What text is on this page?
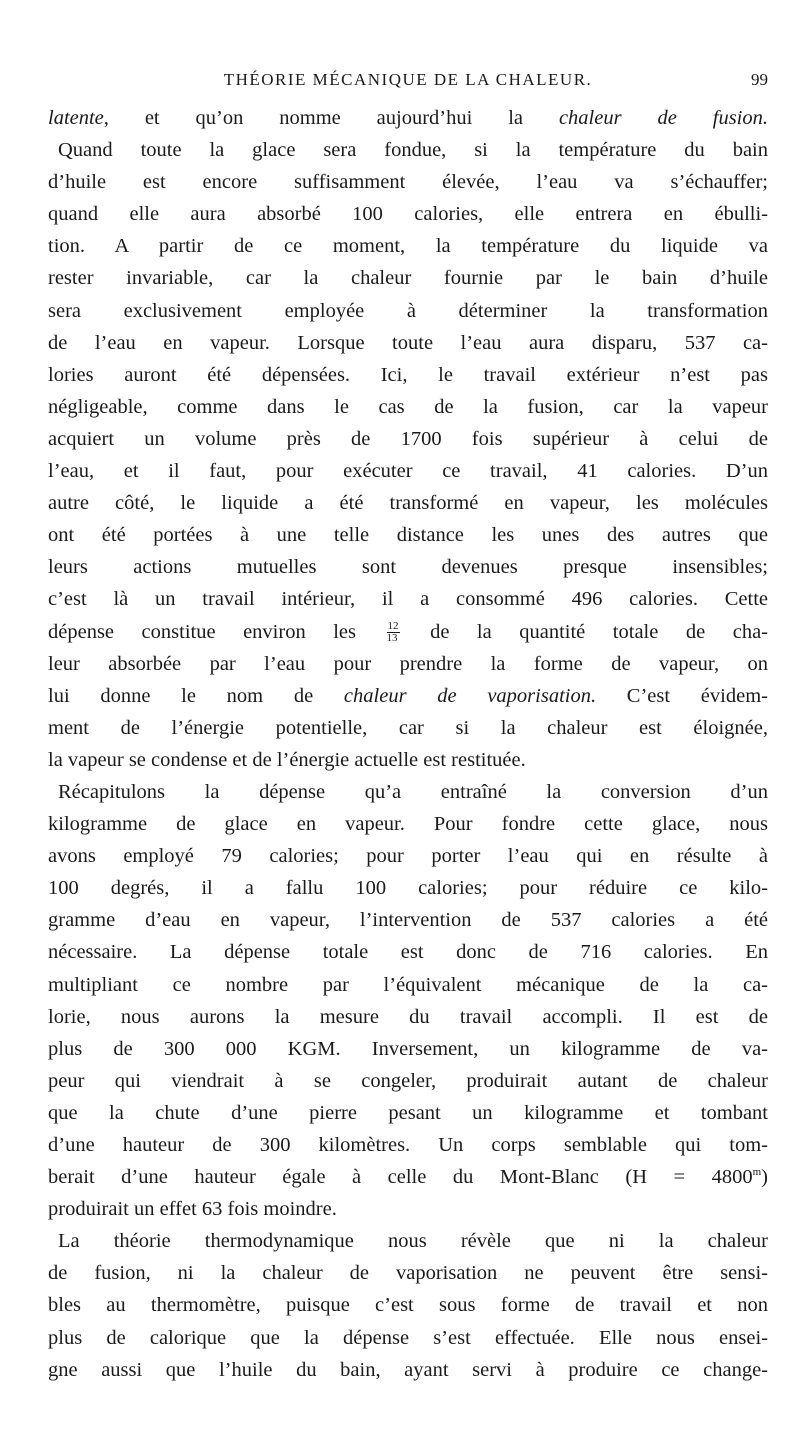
THÉORIE MÉCANIQUE DE LA CHALEUR.	99
latente, et qu’on nomme aujourd’hui la chaleur de fusion.
Quand toute la glace sera fondue, si la température du bain
d’huile est encore suffisamment élevée, l’eau va s’échauffer;
quand elle aura absorbé 100 calories, elle entrera en ébulli-
tion. A partir de ce moment, la température du liquide va
rester invariable, car la chaleur fournie par le bain d’huile
sera exclusivement employée à déterminer la transformation
de l’eau en vapeur. Lorsque toute l’eau aura disparu, 537 ca-
lories auront été dépensées. Ici, le travail extérieur n’est pas
négligeable, comme dans le cas de la fusion, car la vapeur
acquiert un volume près de 1700 fois supérieur à celui de
l’eau, et il faut, pour exécuter ce travail, 41 calories. D’un
autre côté, le liquide a été transformé en vapeur, les molécules
ont été portées à une telle distance les unes des autres que
leurs actions mutuelles sont devenues presque insensibles;
c’est là un travail intérieur, il a consommé 496 calories. Cette
dépense constitue environ les	$\frac{12}{13}$ de la quantité totale de cha-
leur absorbée par l’eau pour prendre la forme de vapeur, on
lui donne le nom de chaleur de vaporisation. C’est évidem-
ment de l’énergie potentielle, car si la chaleur est éloignée,
la vapeur se condense et de l’énergie actuelle est restituée.
Récapitulons la dépense qu’a entraîné la conversion d’un
kilogramme de glace en vapeur. Pour fondre cette glace, nous
avons employé 79 calories; pour porter l’eau qui en résulte à
100 degrés, il a fallu 100 calories; pour réduire ce kilo-
gramme d’eau en vapeur, l’intervention de 537 calories a été
nécessaire. La dépense totale est donc de 716 calories. En
multipliant ce nombre par l’équivalent mécanique de la ca-
lorie, nous aurons la mesure du travail accompli. Il est de
plus de 300 000 KGM. Inversement, un kilogramme de va-
peur qui viendrait à se congeler, produirait autant de chaleur
que la chute d’une pierre pesant un kilogramme et tombant
d’une hauteur de 300 kilomètres. Un corps semblable qui tom-
berait d’une hauteur égale à celle du Mont-Blanc $(H = 4800^m)$
produirait un effet 63 fois moindre.
La théorie thermodynamique nous révèle que ni la chaleur
de fusion, ni la chaleur de vaporisation ne peuvent être sensi-
bles au thermomètre, puisque c’est sous forme de travail et non
plus de calorique que la dépense s’est effectuée. Elle nous ensei-
gne aussi que l’huile du bain, ayant servi à produire ce change-
